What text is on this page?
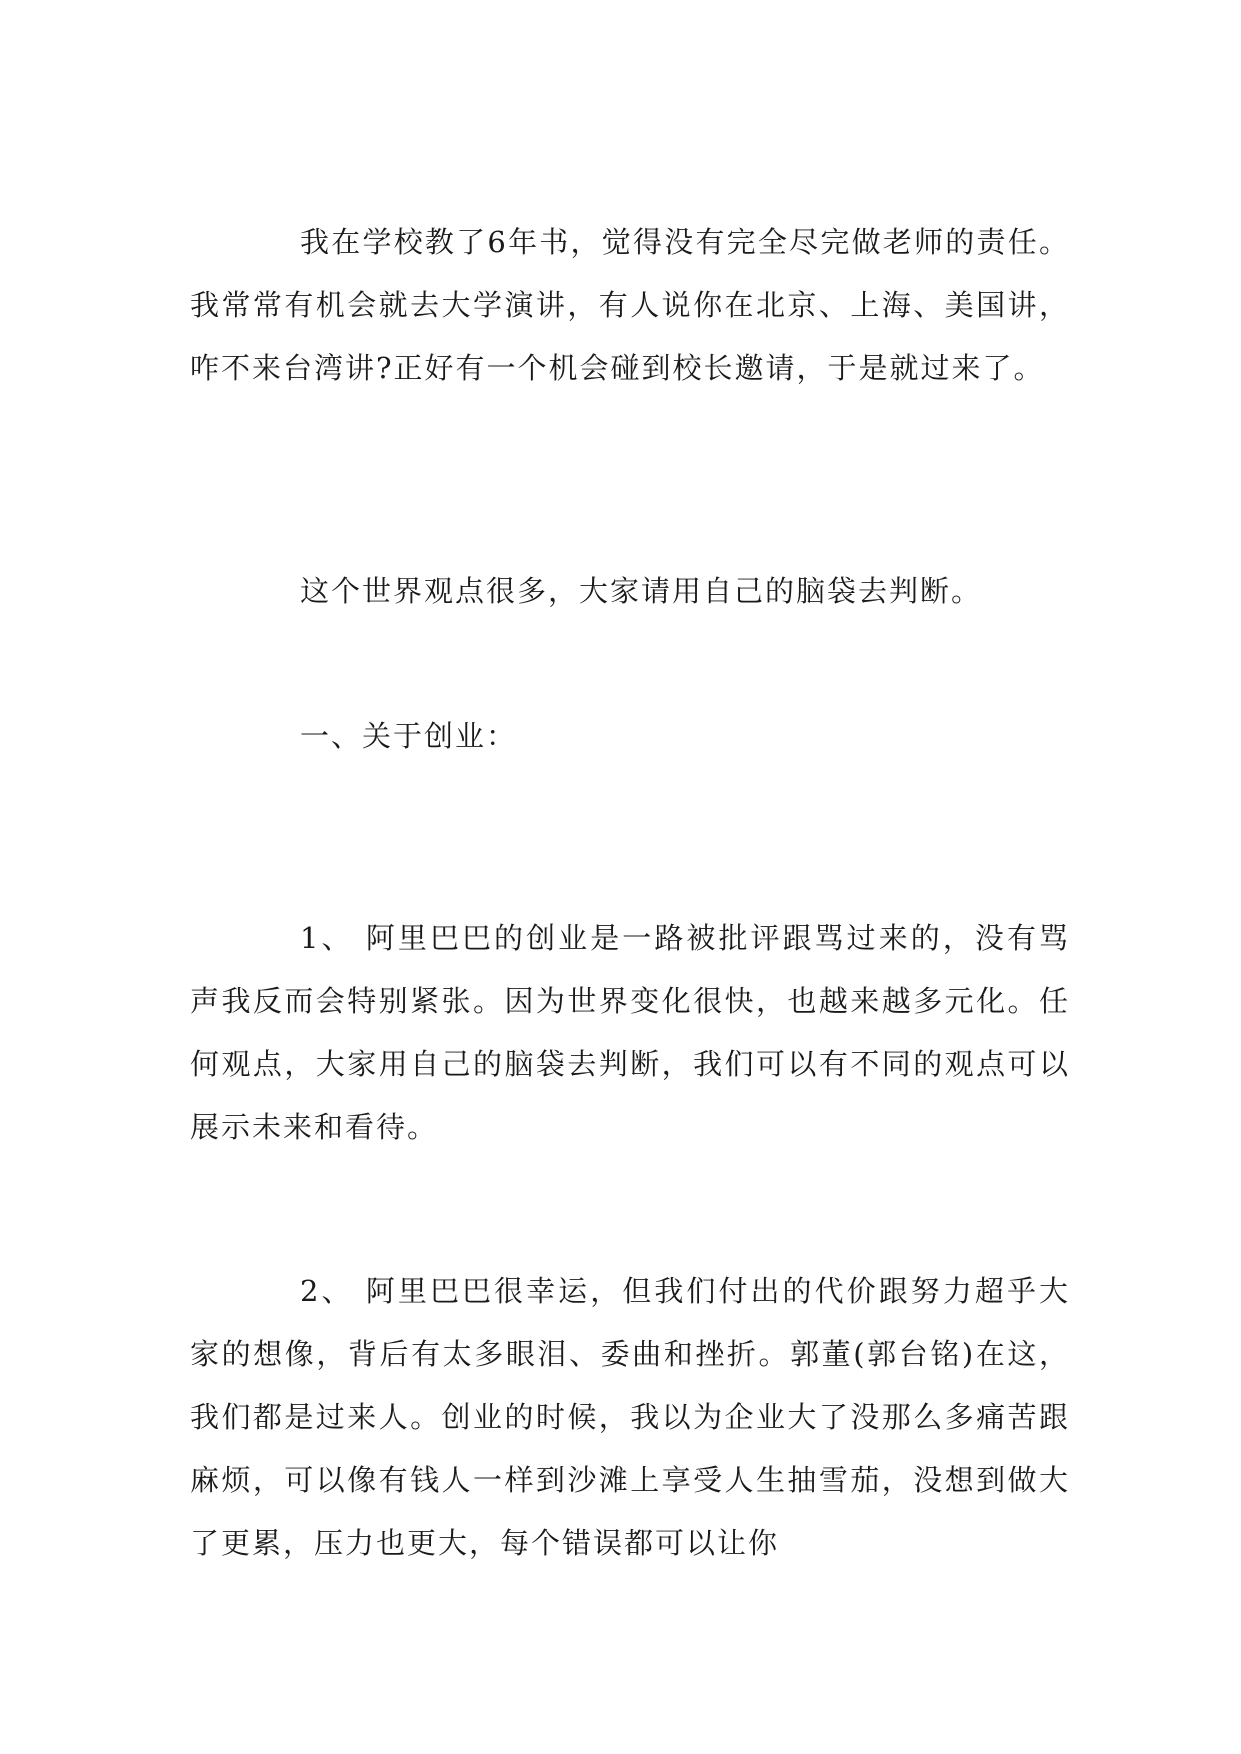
我在学校教了6年书，觉得没有完全尽完做老师的责任。我常常有机会就去大学演讲，有人说你在北京、上海、美国讲，咋不来台湾讲?正好有一个机会碰到校长邀请，于是就过来了。

这个世界观点很多，大家请用自己的脑袋去判断。

一、关于创业：

1、 阿里巴巴的创业是一路被批评跟骂过来的，没有骂声我反而会特别紧张。因为世界变化很快，也越来越多元化。任何观点，大家用自己的脑袋去判断，我们可以有不同的观点可以展示未来和看待。

2、 阿里巴巴很幸运，但我们付出的代价跟努力超乎大家的想像，背后有太多眼泪、委曲和挫折。郭董(郭台铭)在这，我们都是过来人。创业的时候，我以为企业大了没那么多痛苦跟麻烦，可以像有钱人一样到沙滩上享受人生抽雪茄，没想到做大了更累，压力也更大，每个错误都可以让你
